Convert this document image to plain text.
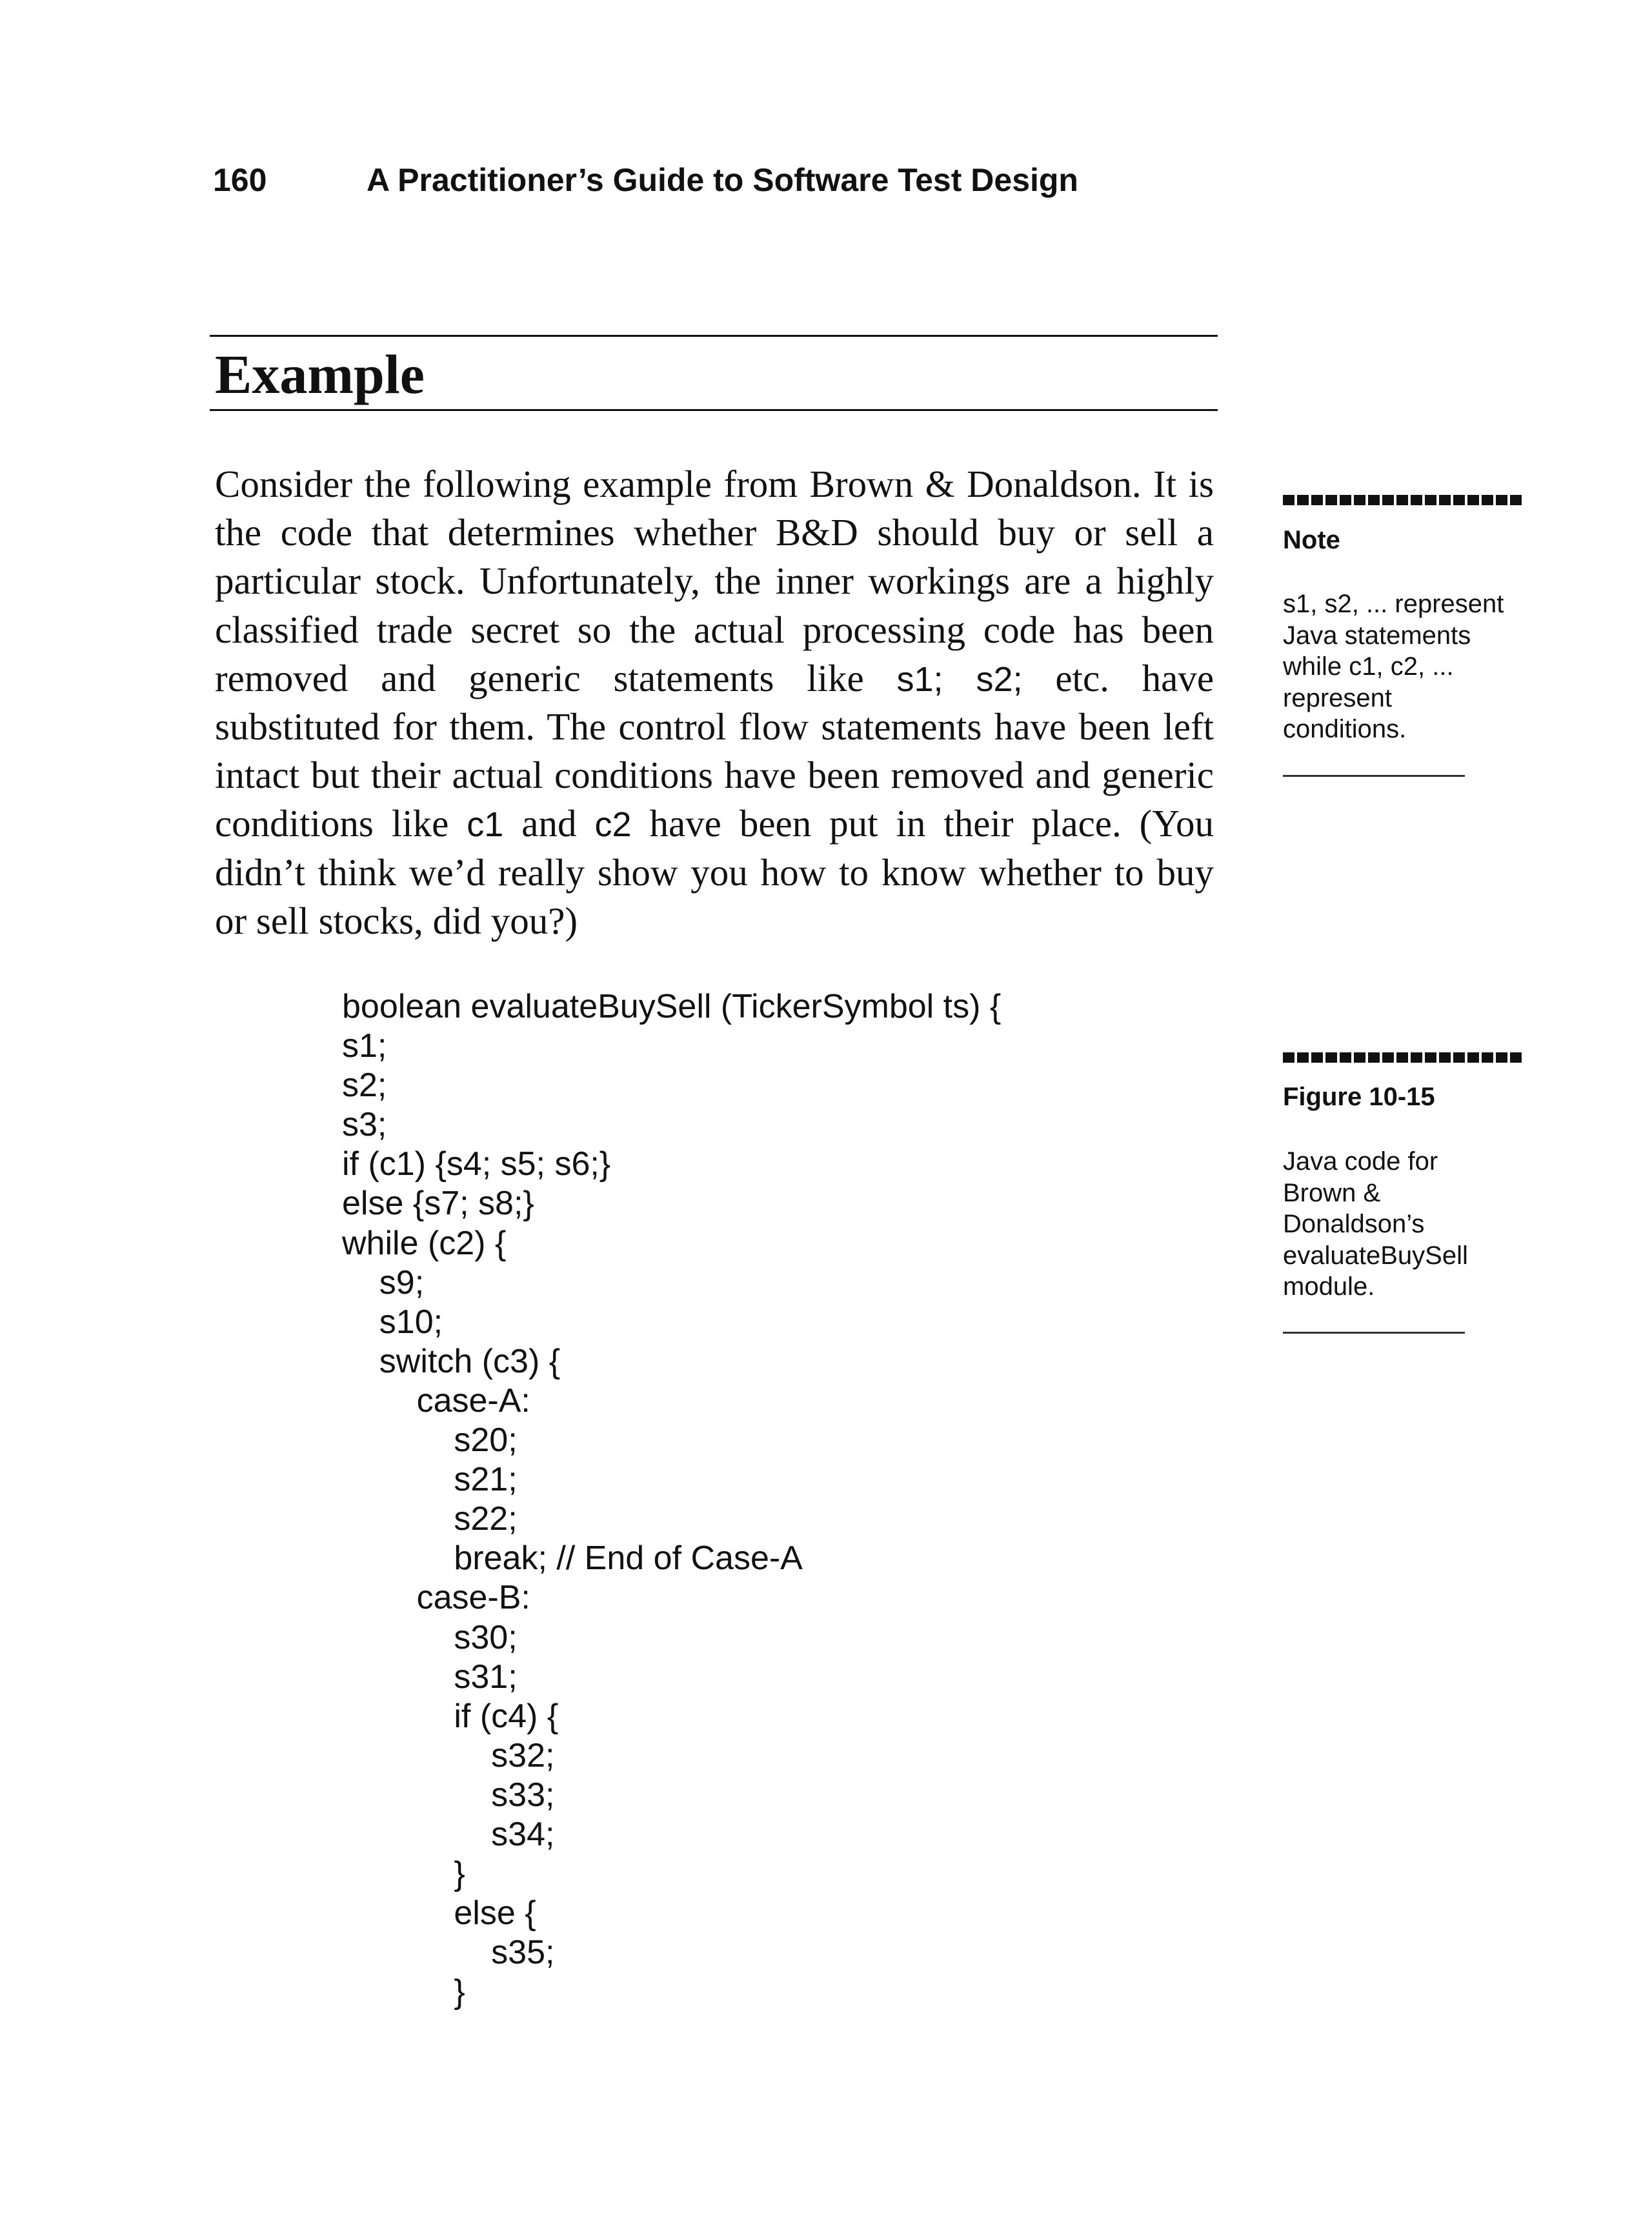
160	A Practitioner’s Guide to Software Test Design
Example
Consider the following example from Brown & Donaldson. It is
the code that determines whether B&D should buy or sell a
particular stock. Unfortunately, the inner workings are a highly
classified trade secret so the actual processing code has been
removed and generic statements like s1; s2; etc. have
substituted for them. The control flow statements have been left
intact but their actual conditions have been removed and generic
conditions like c1 and c2 have been put in their place. (You
didn’t think we’d really show you how to know whether to buy
or sell stocks, did you?)
boolean evaluateBuySell (TickerSymbol ts) {
s1;
s2;
s3;
if (c1) {s4; s5; s6;}
else {s7; s8;}
while (c2) {
s9;
s10;
switch (c3) {
case-A:
s20;
s21;
s22;
break; // End of Case-A
case-B:
s30;
s31;
if (c4) {
s32;
s33;
s34;
}
else {
s35;
}
Note
s1, s2, ... represent
Java statements
while c1, c2, ...
represent
conditions.
Figure 10-15
Java code for
Brown &
Donaldson’s
evaluateBuySell
module.
